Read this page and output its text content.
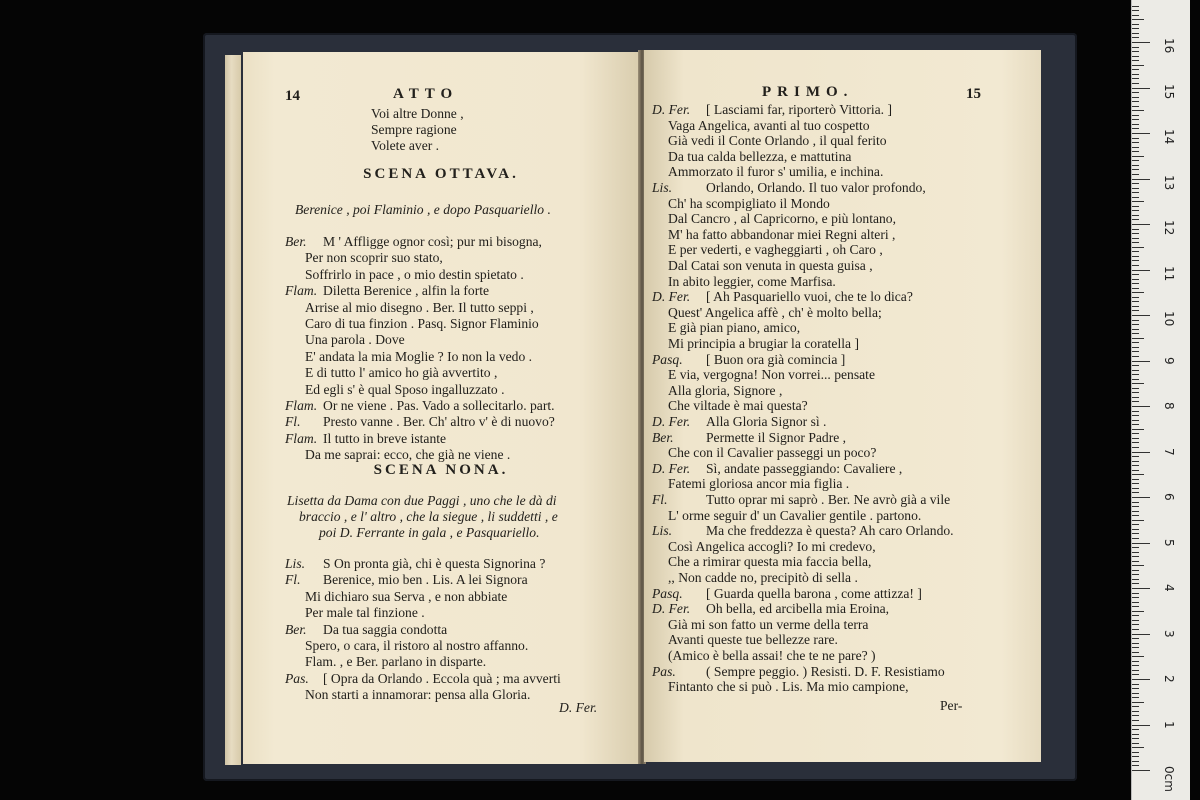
14	ATTO
Voi altre Donne ,
Sempre ragione
Volete aver .
SCENA OTTAVA.
Berenice , poi Flaminio , e dopo Pasquariello .
Ber. M ' Affligge ognor così; pur mi bisogna,
Per non scoprir suo stato,
Soffrirlo in pace , o mio destin spietato .
Flam. Diletta Berenice , alfin la forte
Arrise al mio disegno . Ber. Il tutto seppi ,
Caro di tua finzion . Pasq. Signor Flaminio
Una parola . Dove
E' andata la mia Moglie ? Io non la vedo .
E di tutto l' amico ho già avvertito ,
Ed egli s' è qual Sposo ingalluzzato .
Flam. Or ne viene . Pas. Vado a sollecitarlo. part.
Fl. Presto vanne . Ber. Ch' altro v' è di nuovo?
Flam. Il tutto in breve istante
Da me saprai: ecco, che già ne viene .
SCENA NONA.
Lisetta da Dama con due Paggi , uno che le dà di
braccio , e l' altro , che la siegue , li suddetti , e
poi D. Ferrante in gala , e Pasquariello.
Lis. S On pronta già, chi è questa Signorina ?
Fl. Berenice, mio ben . Lis. A lei Signora
Mi dichiaro sua Serva , e non abbiate
Per male tal finzione .
Ber. Da tua saggia condotta
Spero, o cara, il ristoro al nostro affanno.
Flam. , e Ber. parlano in disparte.
Pas. [ Opra da Orlando . Eccola quà ; ma avverti
Non starti a innamorar: pensa alla Gloria.
D. Fer.
PRIMO.	15
D. Fer. [ Lasciami far, riporterò Vittoria. ]
Vaga Angelica, avanti al tuo cospetto
Già vedi il Conte Orlando , il qual ferito
Da tua calda bellezza, e mattutina
Ammorzato il furor s' umilia, e inchina.
Lis. Orlando, Orlando. Il tuo valor profondo,
Ch' ha scompigliato il Mondo
Dal Cancro , al Capricorno, e più lontano,
M' ha fatto abbandonar miei Regni alteri ,
E per vederti, e vagheggiarti , oh Caro ,
Dal Catai son venuta in questa guisa ,
In abito leggier, come Marfisa.
D. Fer. [ Ah Pasquariello vuoi, che te lo dica?
Quest' Angelica affè , ch' è molto bella;
E già pian piano, amico,
Mi principia a brugiar la coratella ]
Pasq. [ Buon ora già comincia ]
E via, vergogna! Non vorrei... pensate
Alla gloria, Signore ,
Che viltade è mai questa?
D. Fer. Alla Gloria Signor sì .
Ber. Permette il Signor Padre ,
Che con il Cavalier passeggi un poco?
D. Fer. Sì, andate passeggiando: Cavaliere ,
Fatemi gloriosa ancor mia figlia .
Fl.	Tutto oprar mi saprò . Ber. Ne avrò già a vile
L' orme seguir d' un Cavalier gentile . partono.
Lis. Ma che freddezza è questa? Ah caro Orlando.
Così Angelica accogli? Io mi credevo,
Che a rimirar questa mia faccia bella,
,, Non cadde no, precipitò di sella .
Pasq. [ Guarda quella barona , come attizza! ]
D. Fer. Oh bella, ed arcibella mia Eroina,
Già mi son fatto un verme della terra
Avanti queste tue bellezze rare.
(Amico è bella assai! che te ne pare? )
Pas. ( Sempre peggio. ) Resisti. D. F. Resistiamo
Fintanto che si può . Lis. Ma mio campione,
Per-
0cm
1
2
3
4
5
6
7
8
9
10
11
12
13
14
15
16
